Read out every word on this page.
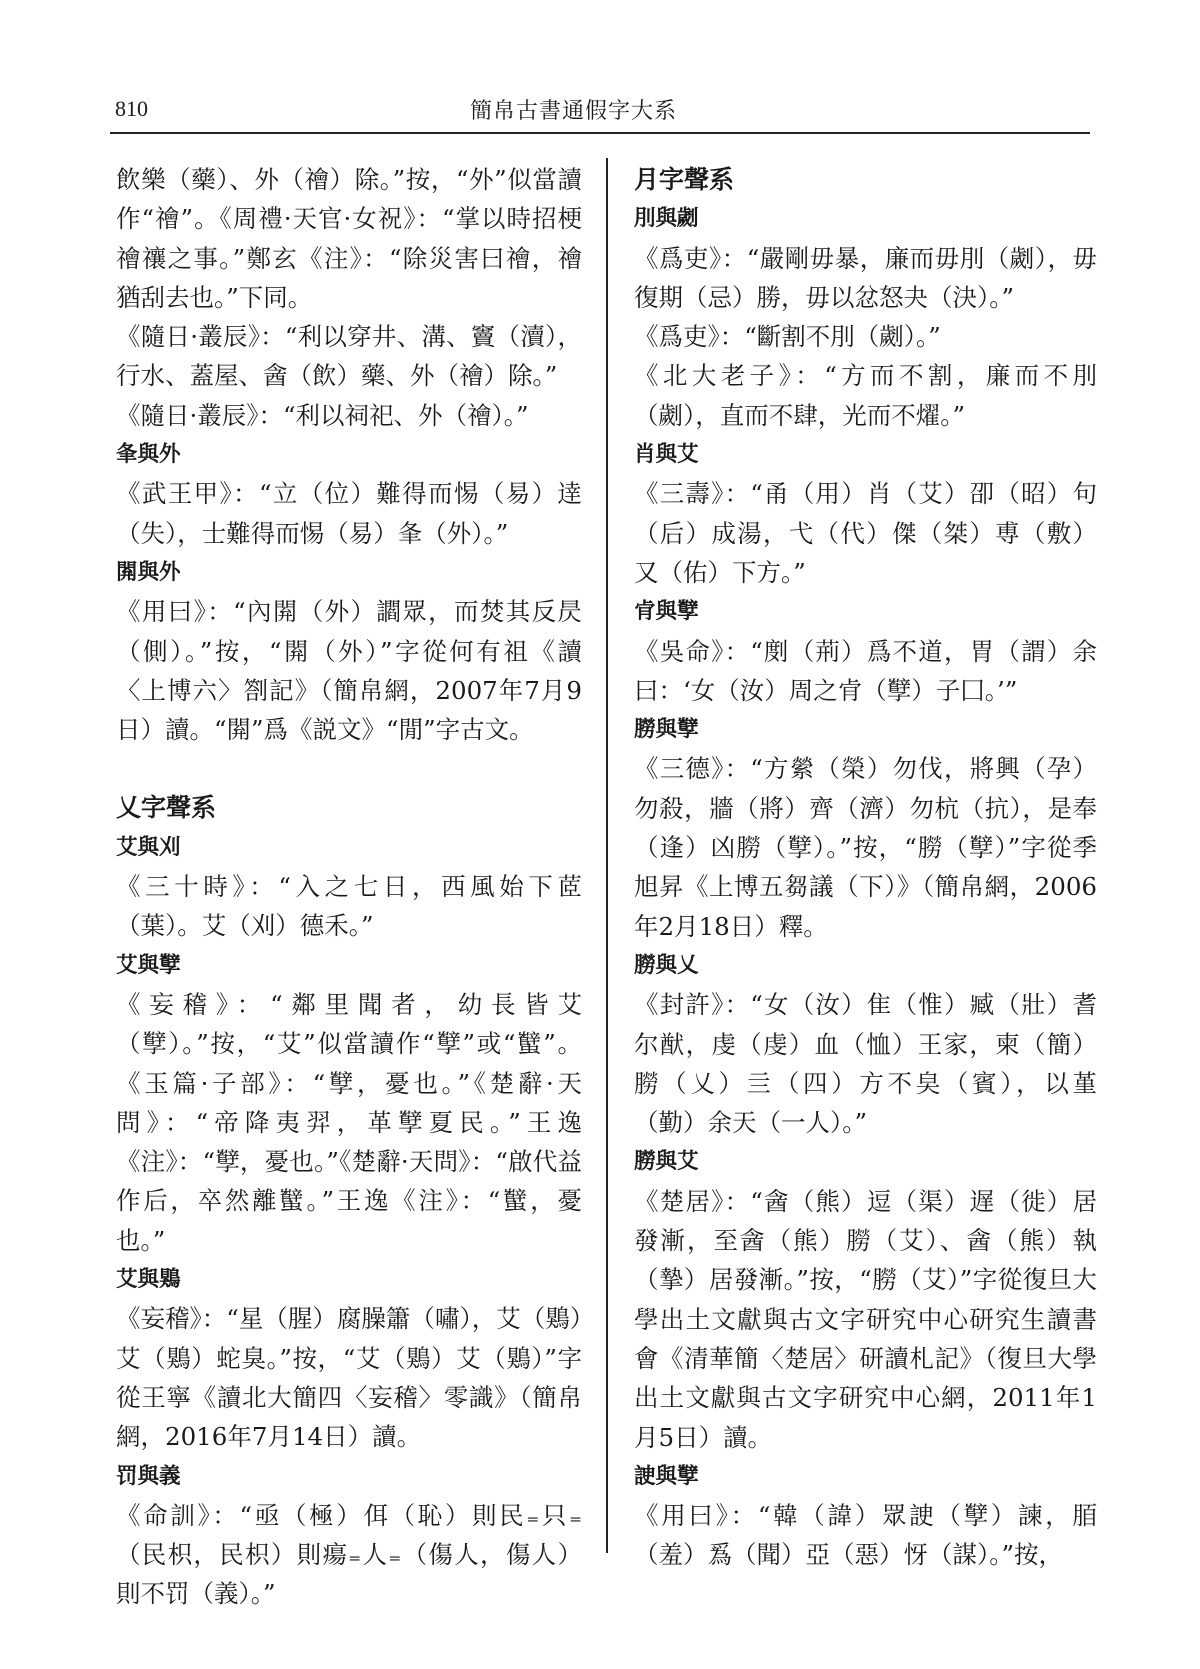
810	簡帛古書通假字大系

飲樂（藥）、外（禬）除。”按，“外”似當讀作“禬”。《周禮·天官·女祝》：“掌以時招梗禬禳之事。”鄭玄《注》：“除災害曰禬，禬猶刮去也。”下同。

《隨日·叢辰》：“利以穿井、溝、竇（瀆），行水、蓋屋、酓（飲）藥、外（禬）除。”

《隨日·叢辰》：“利以祠祀、外（禬）。”

夆與外

《武王甲》：“立（位）難得而惕（易）逹（失），士難得而惕（易）夆（外）。”

閞與外

《用曰》：“內閞（外）讇眾，而焚其反昃（側）。”按，“閞（外）”字從何有祖《讀〈上博六〉劄記》（簡帛網，2007年7月9日）讀。“閞”爲《説文》“閒”字古文。

乂字聲系

艾與刈

《三十時》：“入之七日，西風始下茝（葉）。艾（刈）德禾。”

艾與孼

《妄稽》：“鄰里聞者，幼長皆艾（孼）。”按，“艾”似當讀作“孼”或“蠥”。《玉篇·子部》：“孼，憂也。”《楚辭·天問》：“帝降夷羿，革孼夏民。”王逸《注》：“孼，憂也。”《楚辭·天問》：“啟代益作后，卒然離蠥。”王逸《注》：“蠥，憂也。”

艾與鶪

《妄稽》：“星（腥）腐臊簫（嘯），艾（鶪）艾（鶪）蛇臭。”按，“艾（鶪）艾（鶪）”字從王寧《讀北大簡四〈妄稽〉零識》（簡帛網，2016年7月14日）讀。

罚與義

《命訓》：“亟（極）佴（恥）則民₌只₌（民枳，民枳）則瘍₌人₌（傷人，傷人）則不罚（義）。”

月字聲系

刖與劌

《爲吏》：“嚴剛毋暴，廉而毋刖（劌），毋復期（忌）勝，毋以忿怒夬（決）。”

《爲吏》：“斷割不刖（劌）。”

《北大老子》：“方而不割，廉而不刖（劌），直而不肆，光而不燿。”

肖與艾

《三壽》：“甬（用）肖（艾）卲（昭）句（后）成湯，弋（代）傑（桀）尃（敷）又（佑）下方。”

肻與孼

《吳命》：“剫（荊）爲不道，胃（謂）余曰：‘女（汝）周之肻（孼）子囗。’”

朥與孼

《三德》：“方縈（榮）勿伐，將興（孕）勿殺，牆（將）齊（濟）勿杭（抗），是奉（逢）凶朥（孼）。”按，“朥（孼）”字從季旭昇《上博五芻議（下）》（簡帛網，2006年2月18日）釋。

朥與乂

《封許》：“女（汝）隹（惟）臧（壯）耆尔猷，虔（虔）血（恤）王家，柬（簡）朥（乂）亖（四）方不㚖（賓），以堇（勤）余天（一人）。”

朥與艾

《楚居》：“酓（熊）逗（渠）遅（徙）居發漸，至酓（熊）朥（艾）、酓（熊）執（摯）居發漸。”按，“朥（艾）”字從復旦大學出土文獻與古文字研究中心研究生讀書會《清華簡〈楚居〉研讀札記》（復旦大學出土文獻與古文字研究中心網，2011年1月5日）讀。

䛕與孼

《用曰》：“韓（諱）眾䛕（孼）諫，脜（羞）𤔡（聞）亞（惡）㤉（謀）。”按，
